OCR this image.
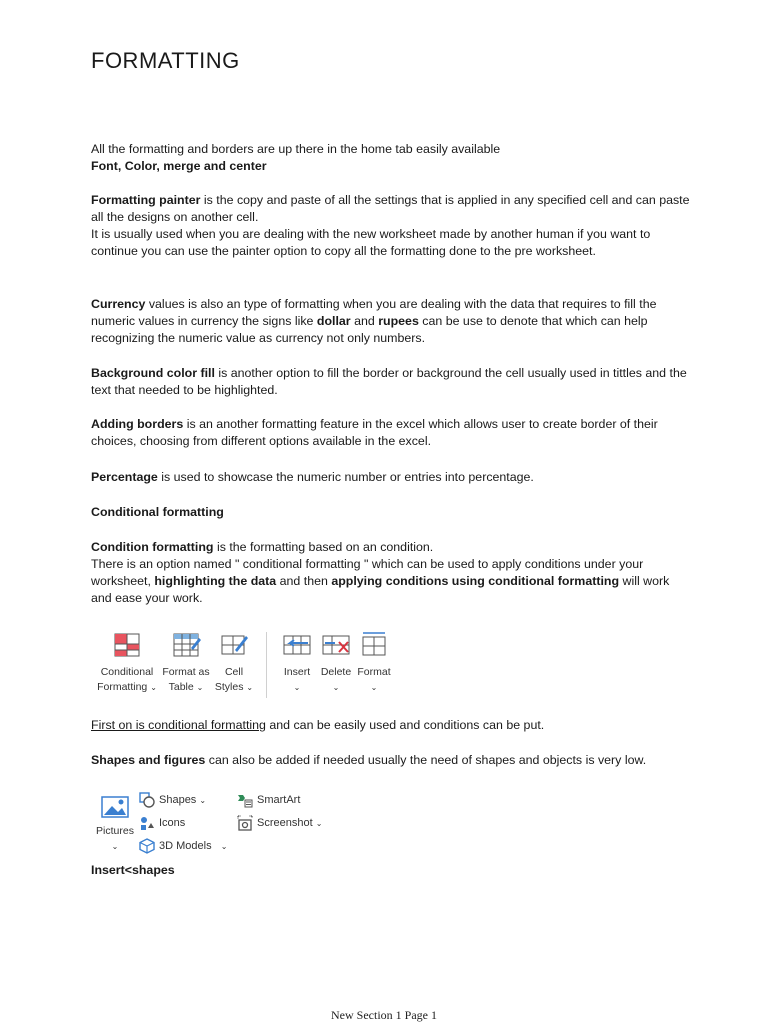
FORMATTING

All the formatting and borders are up there in the home tab easily available
Font, Color, merge and center

Formatting painter is the copy and paste of all the settings that is applied in any specified cell and can paste all the designs on another cell.
It is usually used when you are dealing with the new worksheet made by another human if you want to continue you can use the painter option to copy all the formatting done to the pre worksheet.

Currency values is also an type of formatting when you are dealing with the data that requires to fill the numeric values in currency the signs like dollar and rupees can be use to denote that which can help recognizing the numeric value as currency not only numbers.

Background color fill is another option to fill the border or background the cell usually used in tittles and the text that needed to be highlighted.

Adding borders is an another formatting feature in the excel which allows user to create border of their choices, choosing from different options available in the excel.

Percentage is used to showcase the numeric number or entries into percentage.

Conditional formatting

Condition formatting is the formatting based on an condition.
There is an option named " conditional formatting " which can be used to apply conditions under your worksheet, highlighting the data and then applying conditions using conditional formatting will work and ease your work.

Conditional
Formatting ⌄
Format as
Table ⌄
Cell
Styles ⌄
Insert
⌄
Delete
⌄
Format
⌄

First on is conditional formatting and can be easily used and conditions can be put.

Shapes and figures can also be added if needed usually the need of shapes and objects is very low.

Pictures
⌄
Shapes
⌄
Icons
3D Models
⌄
SmartArt
Screenshot
⌄

Insert<shapes

New Section 1 Page 1
